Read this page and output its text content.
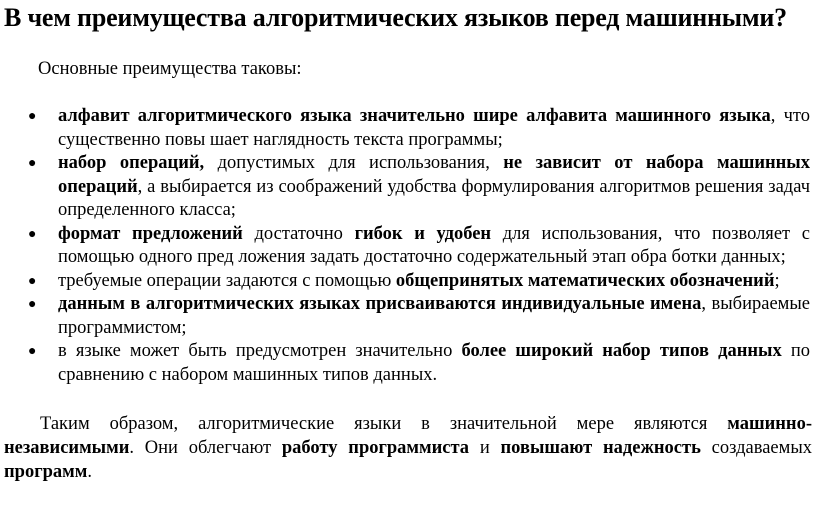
В чем преимущества алгоритмических языков перед машинными?

Основные преимущества таковы:

● алфавит алгоритмического языка значительно шире алфавита машинного языка, что существенно повы шает наглядность текста программы;
● набор операций, допустимых для использования, не зависит от набора машинных операций, а выбирается из соображений удобства формулирования алгоритмов решения задач определенного класса;
● формат предложений достаточно гибок и удобен для использования, что позволяет с помощью одного пред ложения задать достаточно содержательный этап обра ботки данных;
● требуемые операции задаются с помощью общепринятых математических обозначений;
● данным в алгоритмических языках присваиваются индивидуальные имена, выбираемые программистом;
● в языке может быть предусмотрен значительно более широкий набор типов данных по сравнению с набором машинных типов данных.

Таким образом, алгоритмические языки в значительной мере являются машинно-независимыми. Они облегчают работу программиста и повышают надежность создаваемых программ.
